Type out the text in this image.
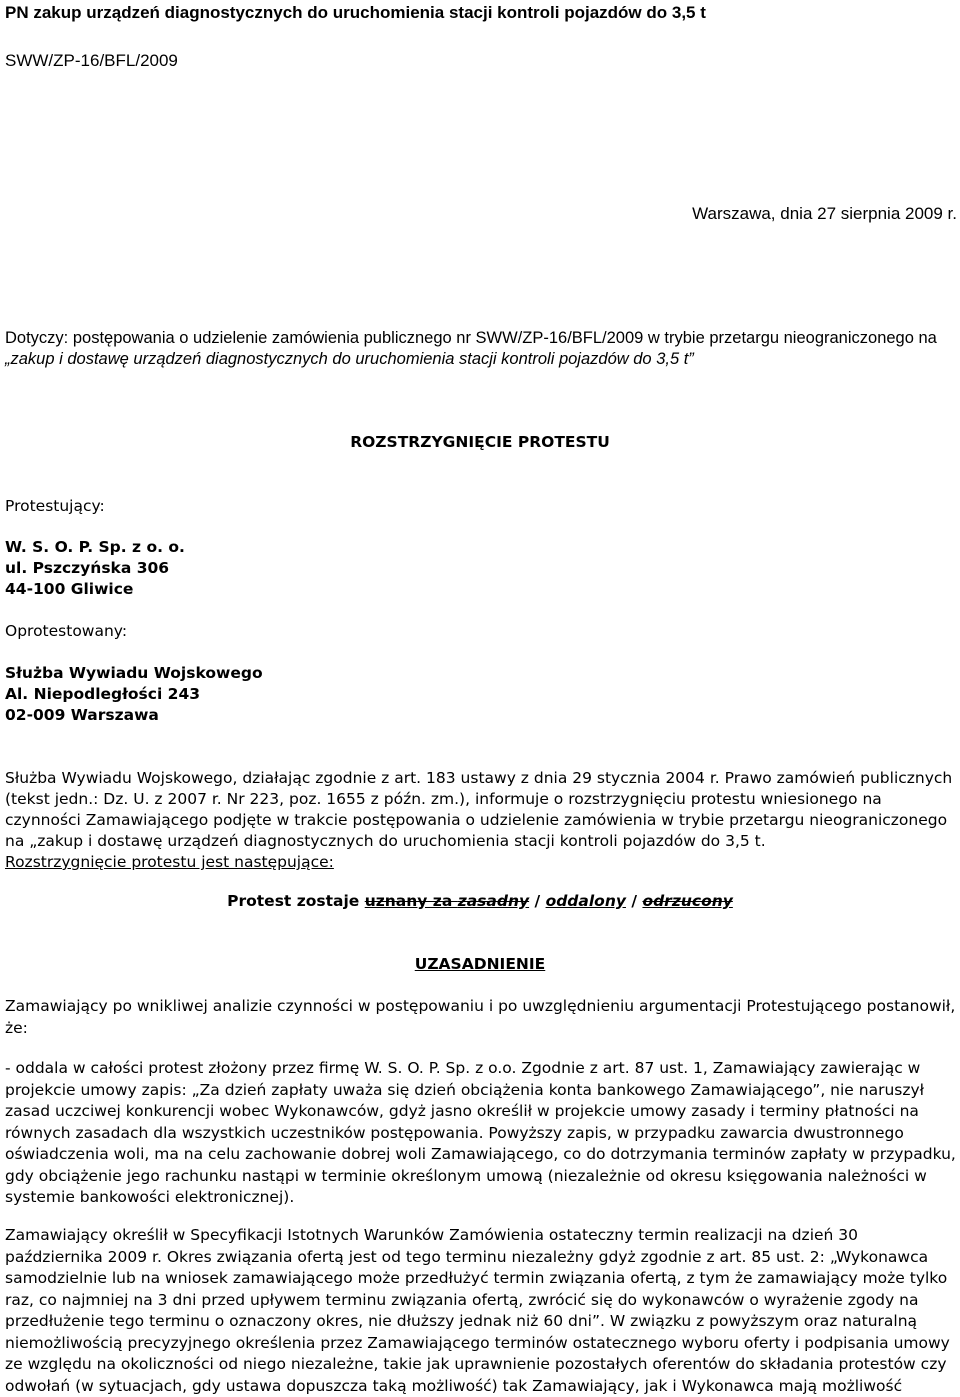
PN zakup urządzeń diagnostycznych do uruchomienia stacji kontroli pojazdów do 3,5 t

SWW/ZP-16/BFL/2009

Warszawa, dnia 27 sierpnia 2009 r.

Dotyczy: postępowania o udzielenie zamówienia publicznego nr SWW/ZP-16/BFL/2009 w trybie przetargu nieograniczonego na „zakup i dostawę urządzeń diagnostycznych do uruchomienia stacji kontroli pojazdów do 3,5 t”

ROZSTRZYGNIĘCIE PROTESTU

Protestujący:

W. S. O. P. Sp. z o. o.

ul. Pszczyńska 306

44-100 Gliwice

Oprotestowany:

Służba Wywiadu Wojskowego

Al. Niepodległości 243

02-009 Warszawa

Służba Wywiadu Wojskowego, działając zgodnie z art. 183 ustawy z dnia 29 stycznia 2004 r. Prawo zamówień publicznych (tekst jedn.: Dz. U. z 2007 r. Nr 223, poz. 1655 z późn. zm.), informuje o rozstrzygnięciu protestu wniesionego na czynności Zamawiającego podjęte w trakcie postępowania o udzielenie zamówienia w trybie przetargu nieograniczonego na „zakup i dostawę urządzeń diagnostycznych do uruchomienia stacji kontroli pojazdów do 3,5 t.
Rozstrzygnięcie protestu jest następujące:

Protest zostaje uznany za zasadny / oddalony / odrzucony

UZASADNIENIE

Zamawiający po wnikliwej analizie czynności w postępowaniu i po uwzględnieniu argumentacji Protestującego postanowił, że:

- oddala w całości protest złożony przez firmę W. S. O. P. Sp. z o.o. Zgodnie z art. 87 ust. 1, Zamawiający zawierając w projekcie umowy zapis: „Za dzień zapłaty uważa się dzień obciążenia konta bankowego Zamawiającego”, nie naruszył zasad uczciwej konkurencji wobec Wykonawców, gdyż jasno określił w projekcie umowy zasady i terminy płatności na równych zasadach dla wszystkich uczestników postępowania. Powyższy zapis, w przypadku zawarcia dwustronnego oświadczenia woli, ma na celu zachowanie dobrej woli Zamawiającego, co do dotrzymania terminów zapłaty w przypadku, gdy obciążenie jego rachunku nastąpi w terminie określonym umową (niezależnie od okresu księgowania należności w systemie bankowości elektronicznej).

Zamawiający określił w Specyfikacji Istotnych Warunków Zamówienia ostateczny termin realizacji na dzień 30 października 2009 r. Okres związania ofertą jest od tego terminu niezależny gdyż zgodnie z art. 85 ust. 2: „Wykonawca samodzielnie lub na wniosek zamawiającego może przedłużyć termin związania ofertą, z tym że zamawiający może tylko raz, co najmniej na 3 dni przed upływem terminu związania ofertą, zwrócić się do wykonawców o wyrażenie zgody na przedłużenie tego terminu o oznaczony okres, nie dłuższy jednak niż 60 dni”. W związku z powyższym oraz naturalną niemożliwością precyzyjnego określenia przez Zamawiającego terminów ostatecznego wyboru oferty i podpisania umowy ze względu na okoliczności od niego niezależne, takie jak uprawnienie pozostałych oferentów do składania protestów czy odwołań (w sytuacjach, gdy ustawa dopuszcza taką możliwość) tak Zamawiający, jak i Wykonawca mają możliwość
